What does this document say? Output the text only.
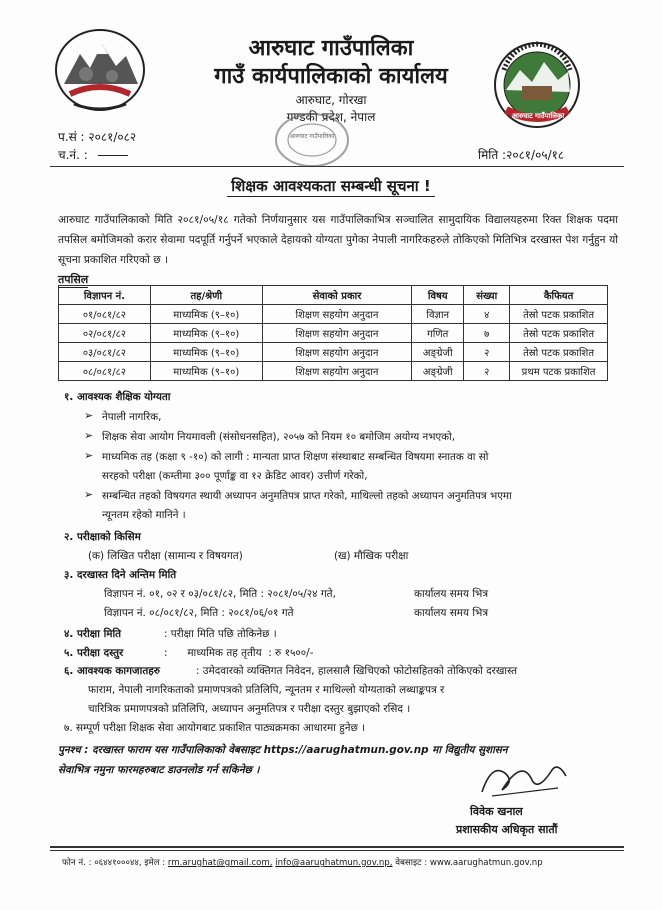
आरुघाट गाउँपालिका
आरुघाट गाउँपालिका
गाउँ कार्यपालिकाको कार्यालय
आरुघाट, गोरखा
गण्डकी प्रदेश, नेपाल
आरुघाट गाउँपालिका
प.सं : २०८१/०८२
च.नं. :	मिति :२०८१/०५/१८
शिक्षक आवश्यकता सम्बन्धी सूचना !
आरुघाट गाउँपालिकाको मिति २०८१/०५/१८ गतेको निर्णयानुसार यस गाउँपालिकाभित्र सञ्चालित सामुदायिक विद्यालयहरुमा रिक्त शिक्षक पदमा तपसिल बमोजिमको करार सेवामा पदपूर्ति गर्नुपर्ने भएकाले देहायको योग्यता पुगेका नेपाली नागरिकहरुले तोकिएको मितिभित्र दरखास्त पेश गर्नुहुन यो सूचना प्रकाशित गरिएको छ ।
तपसिल
विज्ञापन नं.	तह/श्रेणी	सेवाको प्रकार	विषय	संख्या	कैफियत
०१/०८१/८२	माध्यमिक (९–१०)	शिक्षण सहयोग अनुदान	विज्ञान	४	तेस्रो पटक प्रकाशित
०२/०८१/८२	माध्यमिक (९–१०)	शिक्षण सहयोग अनुदान	गणित	७	तेस्रो पटक प्रकाशित
०३/०८१/८२	माध्यमिक (९–१०)	शिक्षण सहयोग अनुदान	अङ्ग्रेजी	२	तेस्रो पटक प्रकाशित
०८/०८१/८२	माध्यमिक (९–१०)	शिक्षण सहयोग अनुदान	अङ्ग्रेजी	२	प्रथम पटक प्रकाशित
१. आवश्यक शैक्षिक योग्यता
➢ नेपाली नागरिक,
➢ शिक्षक सेवा आयोग नियमावली (संसोधनसहित), २०५७ को नियम १० बमोजिम अयोग्य नभएको,
➢ माध्यमिक तह (कक्षा ९ -१०) को लागी : मान्यता प्राप्त शिक्षण संस्थाबाट सम्बन्धित विषयमा स्नातक वा सो
सरहको परीक्षा (कम्तीमा ३०० पूर्णाङ्क वा १२ क्रेडिट आवर) उत्तीर्ण गरेको,
➢ सम्बन्धित तहको विषयगत स्थायी अध्यापन अनुमतिपत्र प्राप्त गरेको, माथिल्लो तहको अध्यापन अनुमतिपत्र भएमा
न्यूनतम रहेको मानिने ।
२. परीक्षाको किसिम
(क) लिखित परीक्षा (सामान्य र विषयगत)	(ख) मौखिक परीक्षा
३. दरखास्त दिने अन्तिम मिति
विज्ञापन नं. ०१, ०२ र ०३/०८१/८२, मिति : २०८१/०५/२४ गते,	कार्यालय समय भित्र
विज्ञापन नं. ०८/०८१/८२, मिति : २०८१/०६/०१ गते	कार्यालय समय भित्र
४. परीक्षा मिति	: परीक्षा मिति पछि तोकिनेछ ।
५. परीक्षा दस्तुर	:      माध्यमिक तह तृतीय  : रु १५००/-
६. आवश्यक कागजातहरु	: उमेदवारको व्यक्तिगत निवेदन, हालसालै खिचिएको फोटोसहितको तोकिएको दरखास्त
फाराम, नेपाली नागरिकताको प्रमाणपत्रको प्रतिलिपि, न्यूनतम र माथिल्लो योग्यताको लब्धाङ्कपत्र र
चारित्रिक प्रमाणपत्रको प्रतिलिपि, अध्यापन अनुमतिपत्र र परीक्षा दस्तुर बुझाएको रसिद ।
७. सम्पूर्ण परीक्षा शिक्षक सेवा आयोगबाट प्रकाशित पाठ्यक्रमका आधारमा हुनेछ ।
पुनश्च : दरखास्त फाराम यस गाउँपालिकाको वेबसाइट https://aarughatmun.gov.np मा विद्युतीय सुशासन
सेवाभित्र नमुना फारमहरुबाट डाउनलोड गर्न सकिनेछ ।
विवेक खनाल
प्रशासकीय अधिकृत सातौं
फोन नं. : ०६४४१०००४४, इमेल : rm.arughat@gmail.com, info@aarughatmun.gov.np, वेबसाइट : www.aarughatmun.gov.np
